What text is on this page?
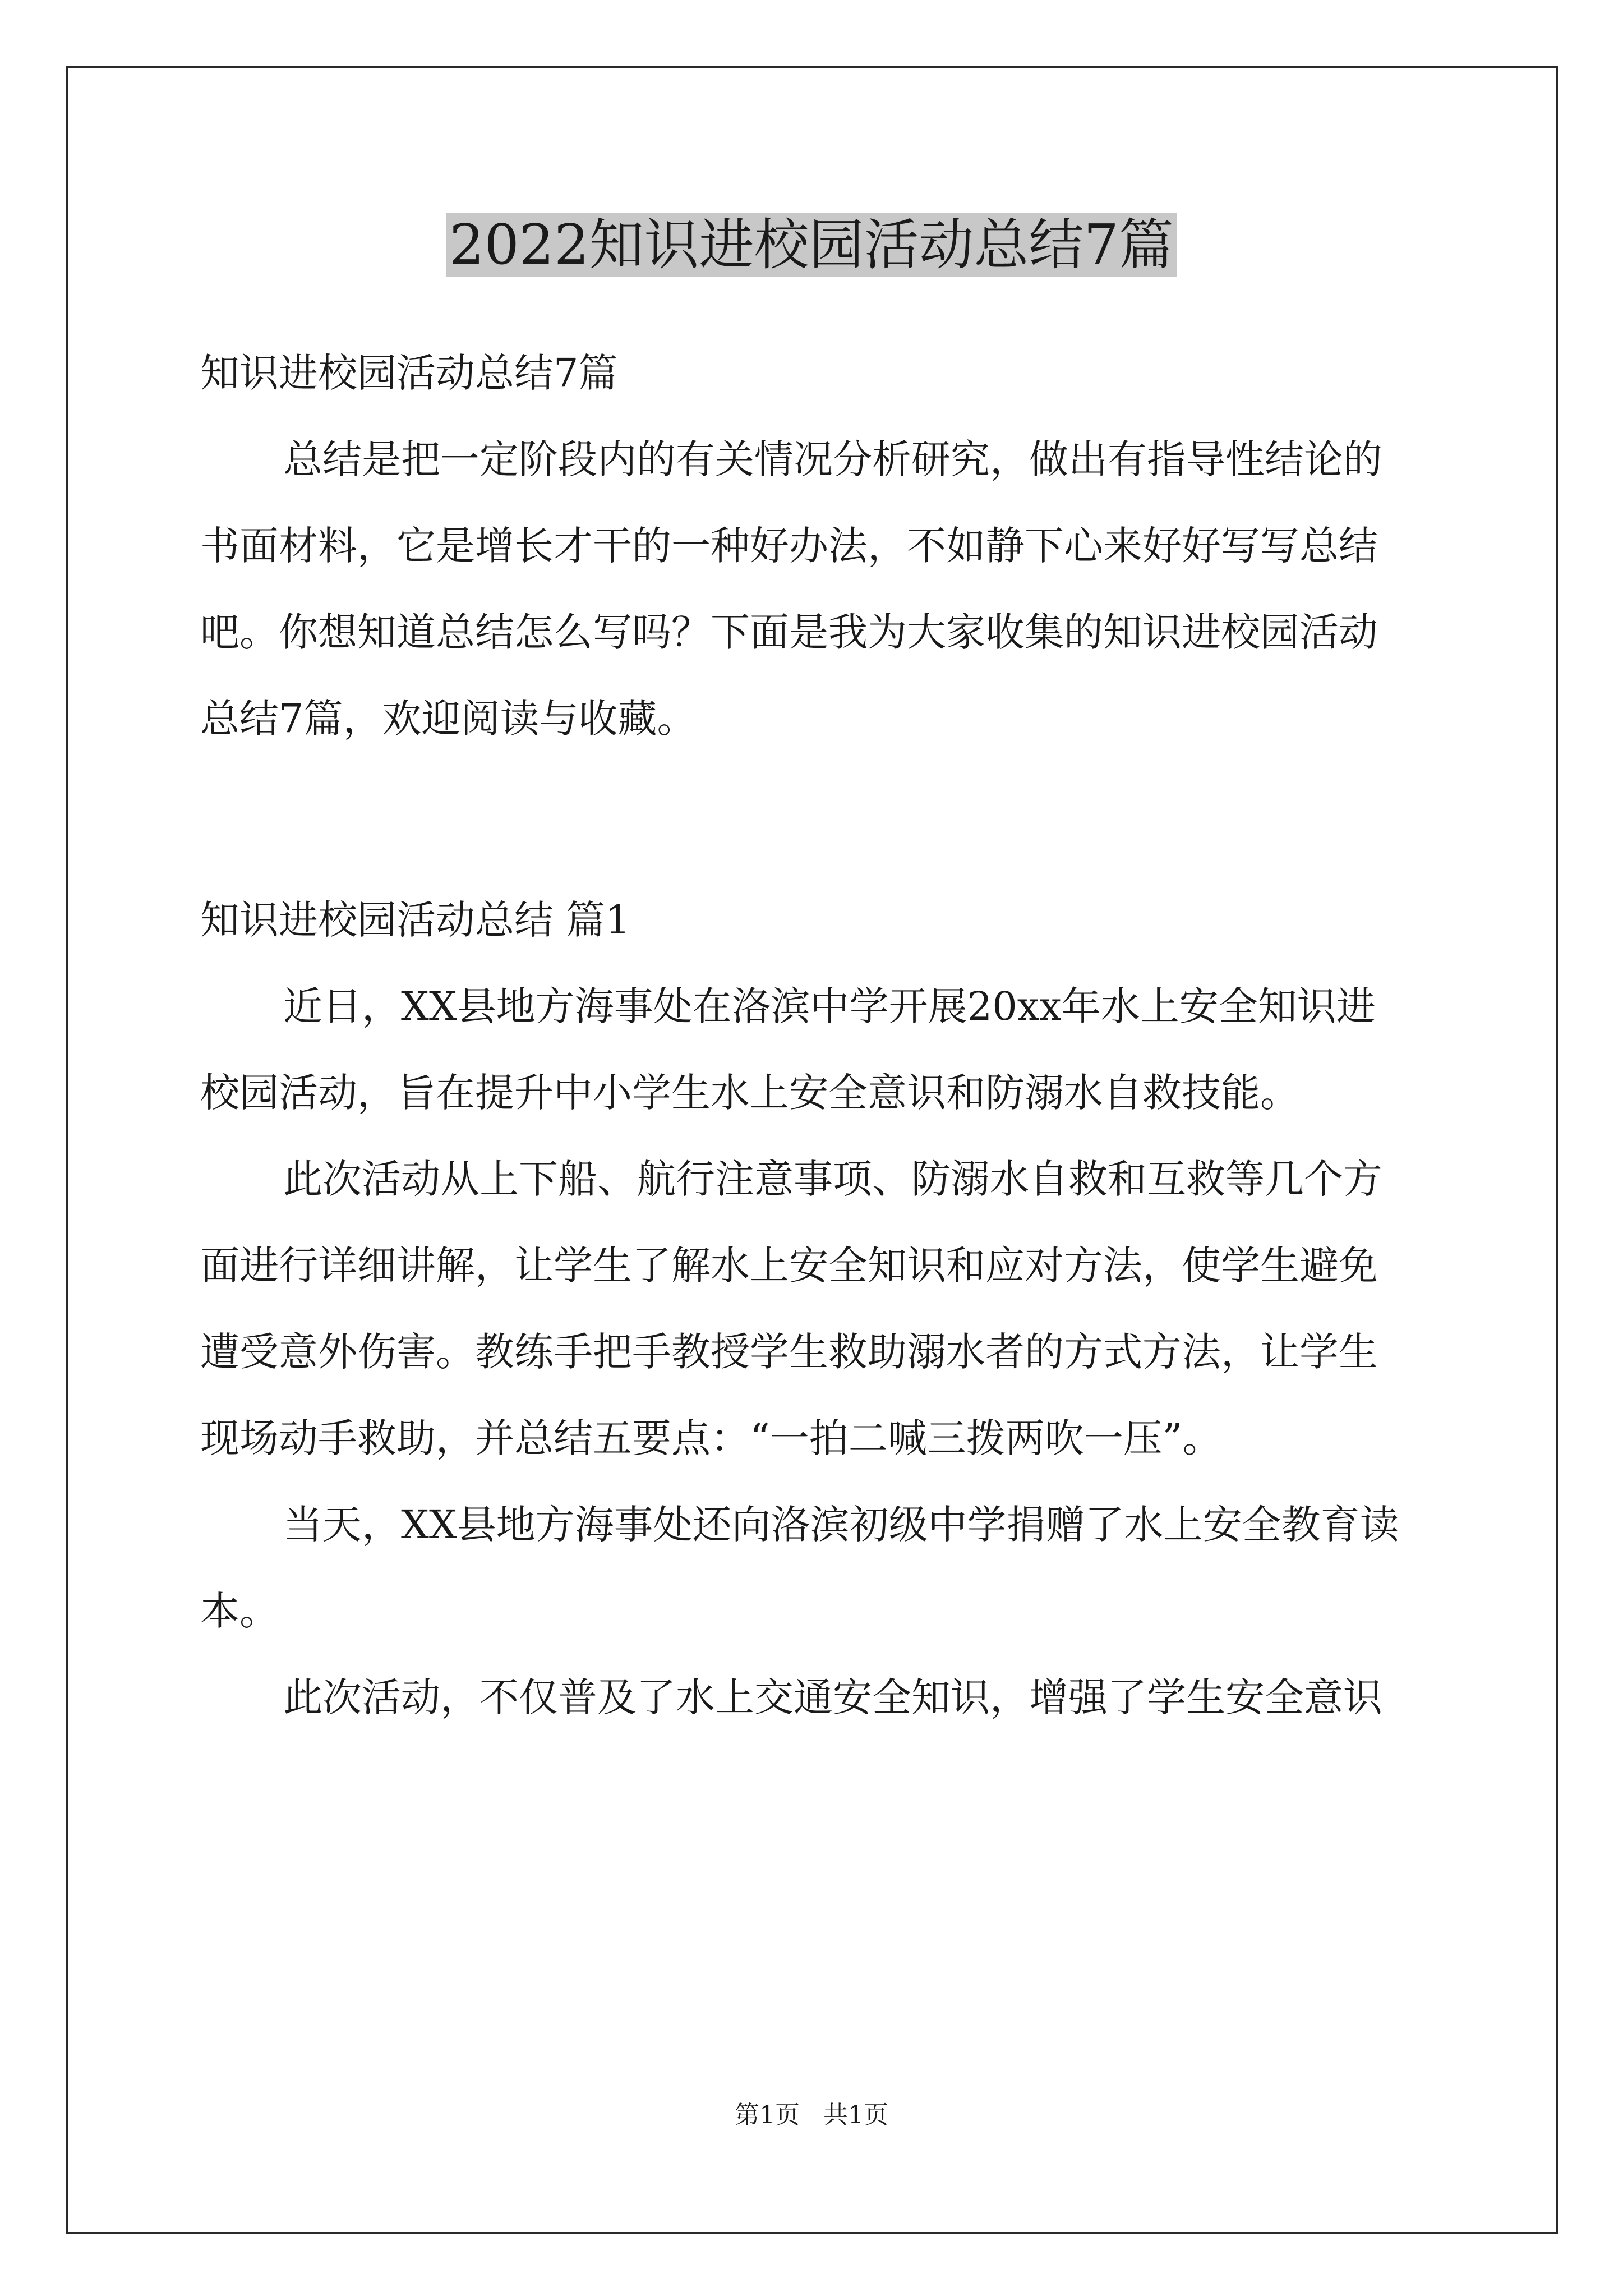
2022知识进校园活动总结7篇

知识进校园活动总结7篇

总结是把一定阶段内的有关情况分析研究，做出有指导性结论的

书面材料，它是增长才干的一种好办法，不如静下心来好好写写总结

吧。你想知道总结怎么写吗？下面是我为大家收集的知识进校园活动

总结7篇，欢迎阅读与收藏。

知识进校园活动总结 篇1

近日，XX县地方海事处在洛滨中学开展20xx年水上安全知识进

校园活动，旨在提升中小学生水上安全意识和防溺水自救技能。

此次活动从上下船、航行注意事项、防溺水自救和互救等几个方

面进行详细讲解，让学生了解水上安全知识和应对方法，使学生避免

遭受意外伤害。教练手把手教授学生救助溺水者的方式方法，让学生

现场动手救助，并总结五要点：“一拍二喊三拨两吹一压”。

当天，XX县地方海事处还向洛滨初级中学捐赠了水上安全教育读

本。

此次活动，不仅普及了水上交通安全知识，增强了学生安全意识

第1页   共1页
